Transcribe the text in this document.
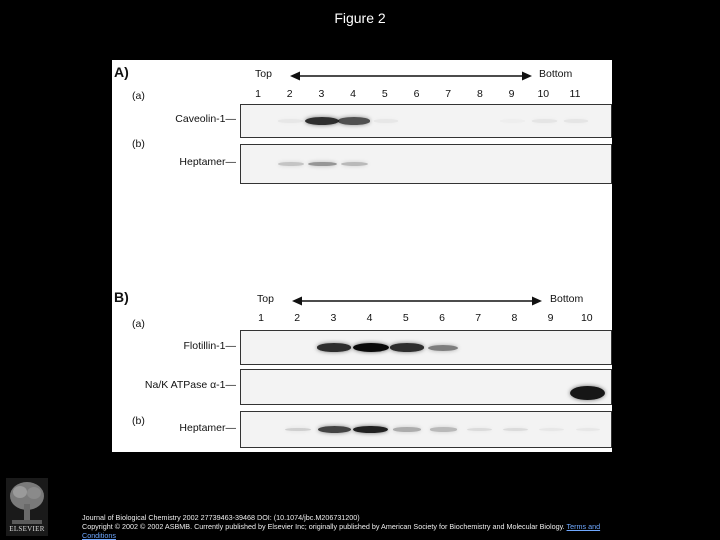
Figure 2
A)	Top	Bottom
1	2	3	4	5	6	7	8	9	10	11
(a)
Caveolin-1—
(b)
Heptamer—
B)	Top	Bottom
1	2	3	4	5	6	7	8	9	10
(a)
Flotillin-1—
Na/K ATPase α-1—
(b)
Heptamer—
ELSEVIER
Journal of Biological Chemistry 2002 27739463-39468 DOI: (10.1074/jbc.M206731200)
Copyright © 2002 © 2002 ASBMB. Currently published by Elsevier Inc; originally published by American Society for Biochemistry and Molecular Biology. Terms and Conditions
